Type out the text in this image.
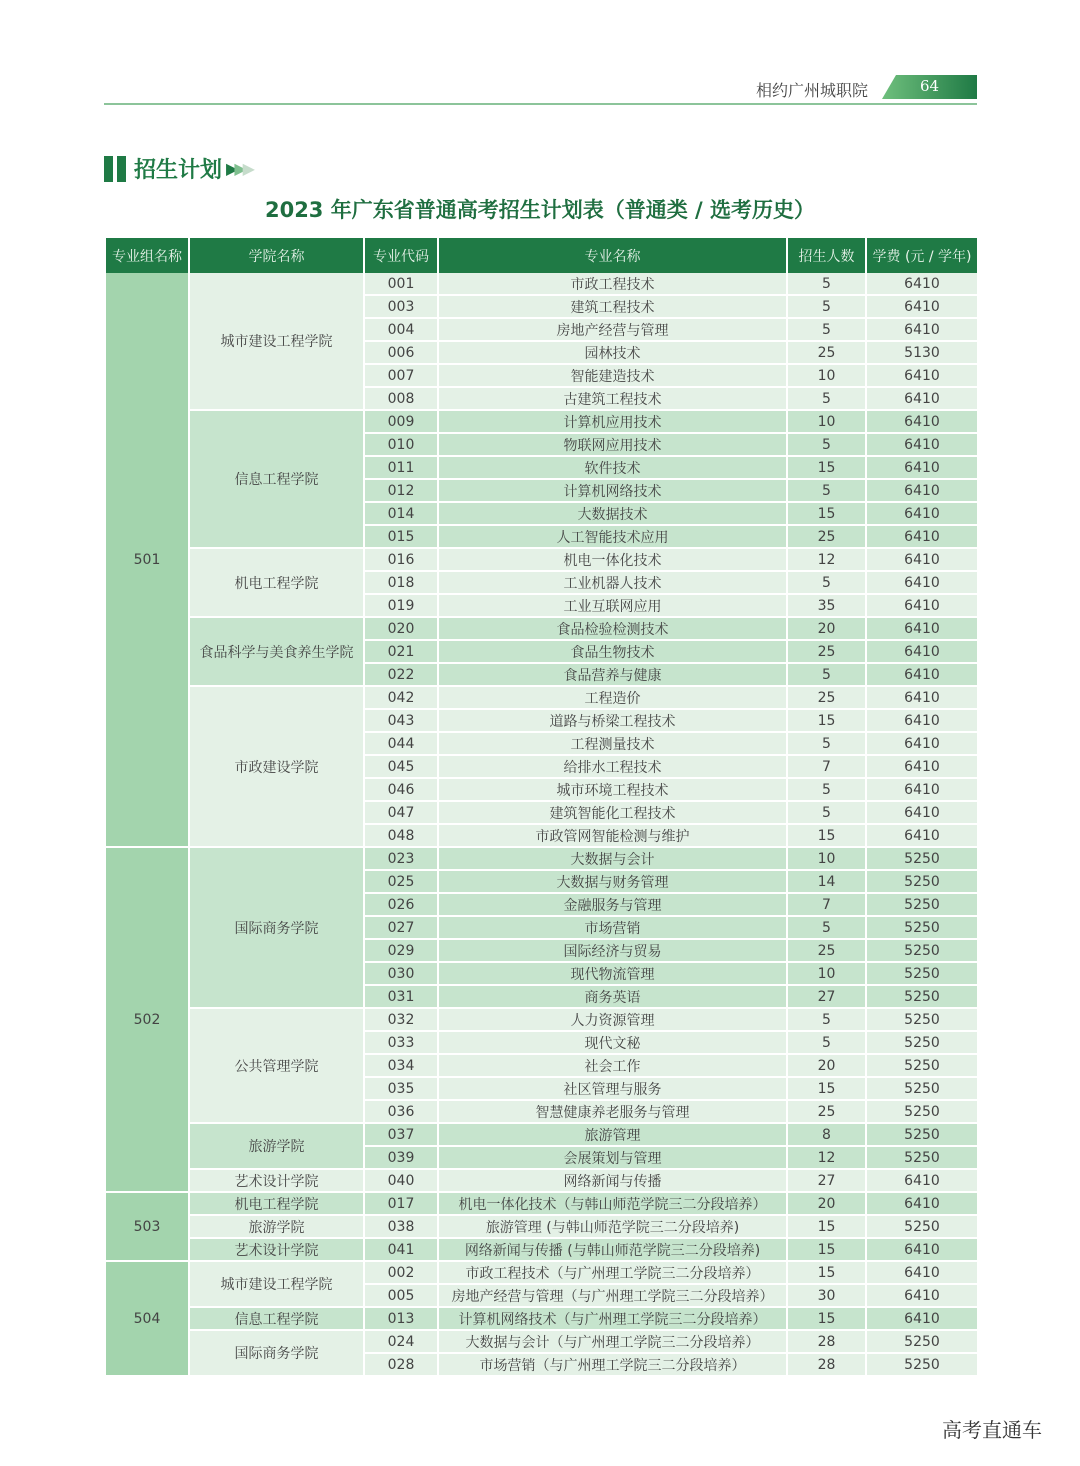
相约广州城职院	64
招生计划 ▶▶▶
2023 年广东省普通高考招生计划表（普通类 / 选考历史）
专业组名称	学院名称	专业代码	专业名称	招生人数	学费 (元 / 学年)
501	城市建设工程学院	001	市政工程技术	5	6410
		003	建筑工程技术	5	6410
		004	房地产经营与管理	5	6410
		006	园林技术	25	5130
		007	智能建造技术	10	6410
		008	古建筑工程技术	5	6410
	信息工程学院	009	计算机应用技术	10	6410
		010	物联网应用技术	5	6410
		011	软件技术	15	6410
		012	计算机网络技术	5	6410
		014	大数据技术	15	6410
		015	人工智能技术应用	25	6410
	机电工程学院	016	机电一体化技术	12	6410
		018	工业机器人技术	5	6410
		019	工业互联网应用	35	6410
	食品科学与美食养生学院	020	食品检验检测技术	20	6410
		021	食品生物技术	25	6410
		022	食品营养与健康	5	6410
	市政建设学院	042	工程造价	25	6410
		043	道路与桥梁工程技术	15	6410
		044	工程测量技术	5	6410
		045	给排水工程技术	7	6410
		046	城市环境工程技术	5	6410
		047	建筑智能化工程技术	5	6410
		048	市政管网智能检测与维护	15	6410
502	国际商务学院	023	大数据与会计	10	5250
		025	大数据与财务管理	14	5250
		026	金融服务与管理	7	5250
		027	市场营销	5	5250
		029	国际经济与贸易	25	5250
		030	现代物流管理	10	5250
		031	商务英语	27	5250
	公共管理学院	032	人力资源管理	5	5250
		033	现代文秘	5	5250
		034	社会工作	20	5250
		035	社区管理与服务	15	5250
		036	智慧健康养老服务与管理	25	5250
	旅游学院	037	旅游管理	8	5250
		039	会展策划与管理	12	5250
	艺术设计学院	040	网络新闻与传播	27	6410
503	机电工程学院	017	机电一体化技术（与韩山师范学院三二分段培养）	20	6410
	旅游学院	038	旅游管理 (与韩山师范学院三二分段培养)	15	5250
	艺术设计学院	041	网络新闻与传播 (与韩山师范学院三二分段培养)	15	6410
504	城市建设工程学院	002	市政工程技术（与广州理工学院三二分段培养）	15	6410
		005	房地产经营与管理（与广州理工学院三二分段培养）	30	6410
	信息工程学院	013	计算机网络技术（与广州理工学院三二分段培养）	15	6410
	国际商务学院	024	大数据与会计（与广州理工学院三二分段培养）	28	5250
		028	市场营销（与广州理工学院三二分段培养）	28	5250
高考直通车
